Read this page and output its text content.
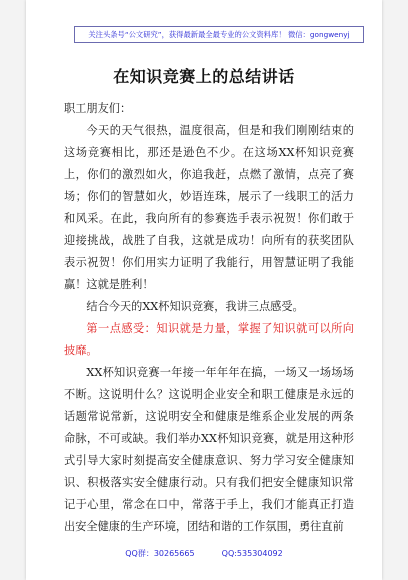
关注头条号“公文研究”，获得最新最全最专业的公文资料库！ 微信：gongwenyj
在知识竞赛上的总结讲话

职工朋友们：

今天的天气很热，温度很高，但是和我们刚刚结束的这场竞赛相比，那还是逊色不少。在这场XX杯知识竞赛上，你们的激烈如火，你追我赶，点燃了激情，点亮了赛场；你们的智慧如火，妙语连珠，展示了一线职工的活力和风采。在此，我向所有的参赛选手表示祝贺！你们敢于迎接挑战，战胜了自我，这就是成功！向所有的获奖团队表示祝贺！你们用实力证明了我能行，用智慧证明了我能赢！这就是胜利！

结合今天的XX杯知识竞赛，我讲三点感受。

第一点感受：知识就是力量，掌握了知识就可以所向披靡。

XX杯知识竞赛一年接一年年年在搞，一场又一场场场不断。这说明什么？这说明企业安全和职工健康是永远的话题常说常新，这说明安全和健康是维系企业发展的两条命脉，不可或缺。我们举办XX杯知识竞赛，就是用这种形式引导大家时刻提高安全健康意识、努力学习安全健康知识、积极落实安全健康行动。只有我们把安全健康知识常记于心里，常念在口中，常落于手上，我们才能真正打造出安全健康的生产环境，团结和谐的工作氛围，勇往直前

QQ群：30265665	QQ:535304092
